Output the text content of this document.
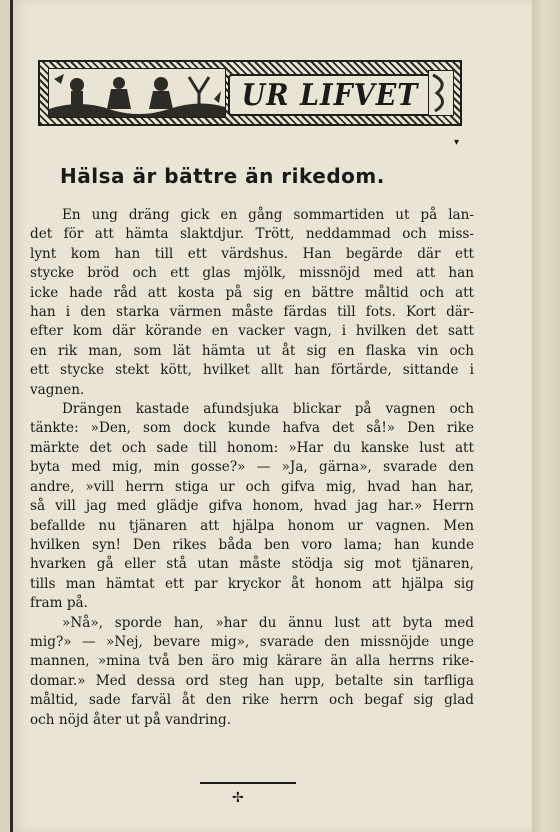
UR LIFVET
▾
Hälsa är bättre än rikedom.
En ung dräng gick en gång sommartiden ut på lan-
det för att hämta slaktdjur. Trött, neddammad och miss-
lynt kom han till ett värdshus. Han begärde där ett
stycke bröd och ett glas mjölk, missnöjd med att han
icke hade råd att kosta på sig en bättre måltid och att
han i den starka värmen måste färdas till fots. Kort där-
efter kom där körande en vacker vagn, i hvilken det satt
en rik man, som lät hämta ut åt sig en flaska vin och
ett stycke stekt kött, hvilket allt han förtärde, sittande i
vagnen.
Drängen kastade afundsjuka blickar på vagnen och
tänkte: »Den, som dock kunde hafva det så!» Den rike
märkte det och sade till honom: »Har du kanske lust att
byta med mig, min gosse?» — »Ja, gärna», svarade den
andre, »vill herrn stiga ur och gifva mig, hvad han har,
så vill jag med glädje gifva honom, hvad jag har.» Herrn
befallde nu tjänaren att hjälpa honom ur vagnen. Men
hvilken syn! Den rikes båda ben voro lama; han kunde
hvarken gå eller stå utan måste stödja sig mot tjänaren,
tills man hämtat ett par kryckor åt honom att hjälpa sig
fram på.
»Nå», sporde han, »har du ännu lust att byta med
mig?» — »Nej, bevare mig», svarade den missnöjde unge
mannen, »mina två ben äro mig kärare än alla herrns rike-
domar.» Med dessa ord steg han upp, betalte sin tarfliga
måltid, sade farväl åt den rike herrn och begaf sig glad
och nöjd åter ut på vandring.
✢
